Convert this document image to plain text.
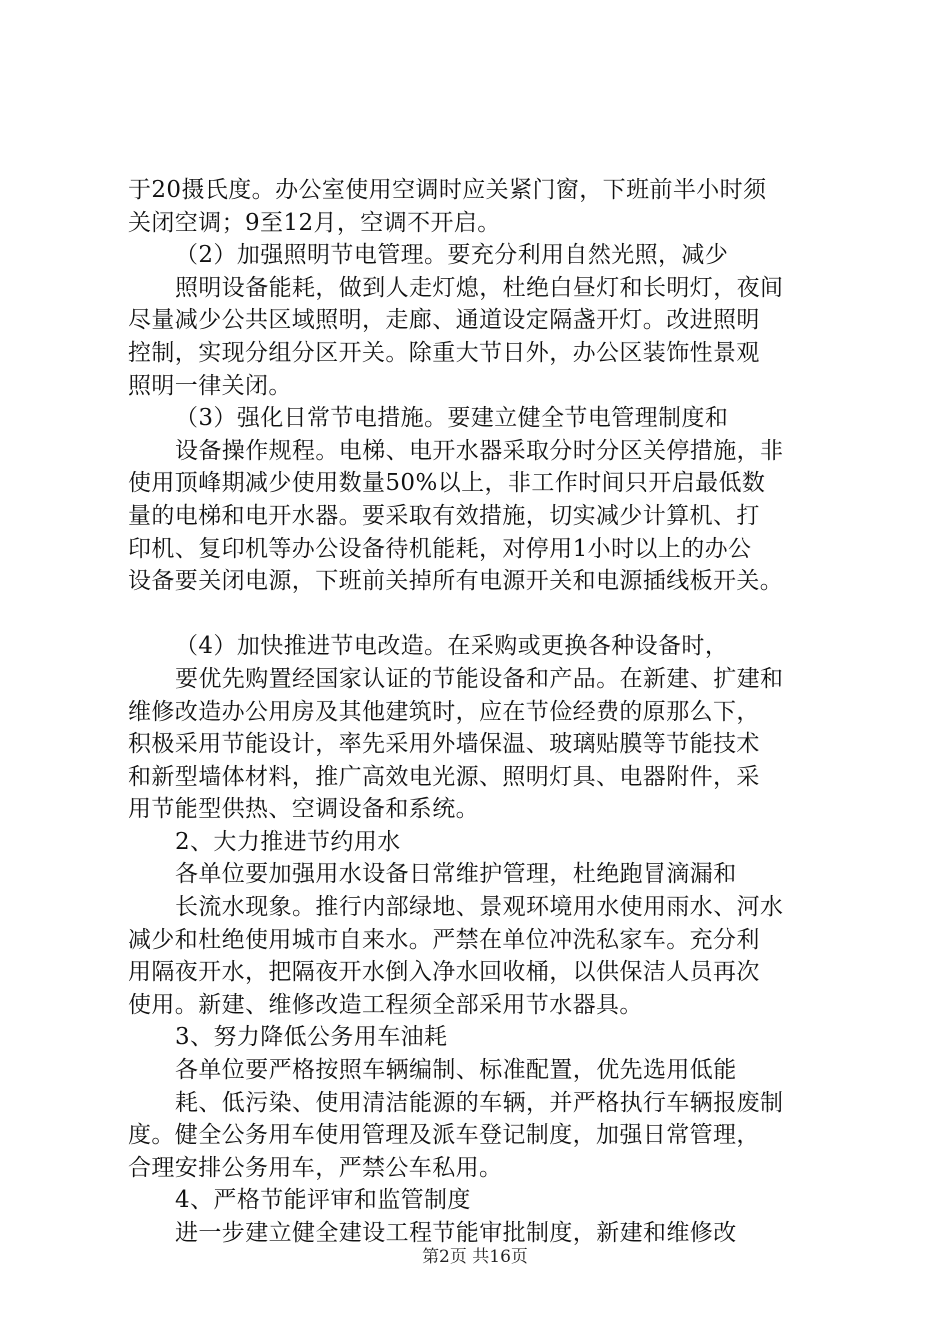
于20摄氏度。办公室使用空调时应关紧门窗，下班前半小时须
关闭空调；9至12月，空调不开启。
（2）加强照明节电管理。要充分利用自然光照，减少
照明设备能耗，做到人走灯熄，杜绝白昼灯和长明灯，夜间
尽量减少公共区域照明，走廊、通道设定隔盏开灯。改进照明
控制，实现分组分区开关。除重大节日外，办公区装饰性景观
照明一律关闭。
（3）强化日常节电措施。要建立健全节电管理制度和
设备操作规程。电梯、电开水器采取分时分区关停措施，非
使用顶峰期减少使用数量50%以上，非工作时间只开启最低数
量的电梯和电开水器。要采取有效措施，切实减少计算机、打
印机、复印机等办公设备待机能耗，对停用1小时以上的办公
设备要关闭电源，下班前关掉所有电源开关和电源插线板开关。
（4）加快推进节电改造。在采购或更换各种设备时，
要优先购置经国家认证的节能设备和产品。在新建、扩建和
维修改造办公用房及其他建筑时，应在节俭经费的原那么下，
积极采用节能设计，率先采用外墙保温、玻璃贴膜等节能技术
和新型墙体材料，推广高效电光源、照明灯具、电器附件，采
用节能型供热、空调设备和系统。
2、大力推进节约用水
各单位要加强用水设备日常维护管理，杜绝跑冒滴漏和
长流水现象。推行内部绿地、景观环境用水使用雨水、河水
减少和杜绝使用城市自来水。严禁在单位冲洗私家车。充分利
用隔夜开水，把隔夜开水倒入净水回收桶，以供保洁人员再次
使用。新建、维修改造工程须全部采用节水器具。
3、努力降低公务用车油耗
各单位要严格按照车辆编制、标准配置，优先选用低能
耗、低污染、使用清洁能源的车辆，并严格执行车辆报废制
度。健全公务用车使用管理及派车登记制度，加强日常管理，
合理安排公务用车，严禁公车私用。
4、严格节能评审和监管制度
进一步建立健全建设工程节能审批制度，新建和维修改
第2页 共16页
